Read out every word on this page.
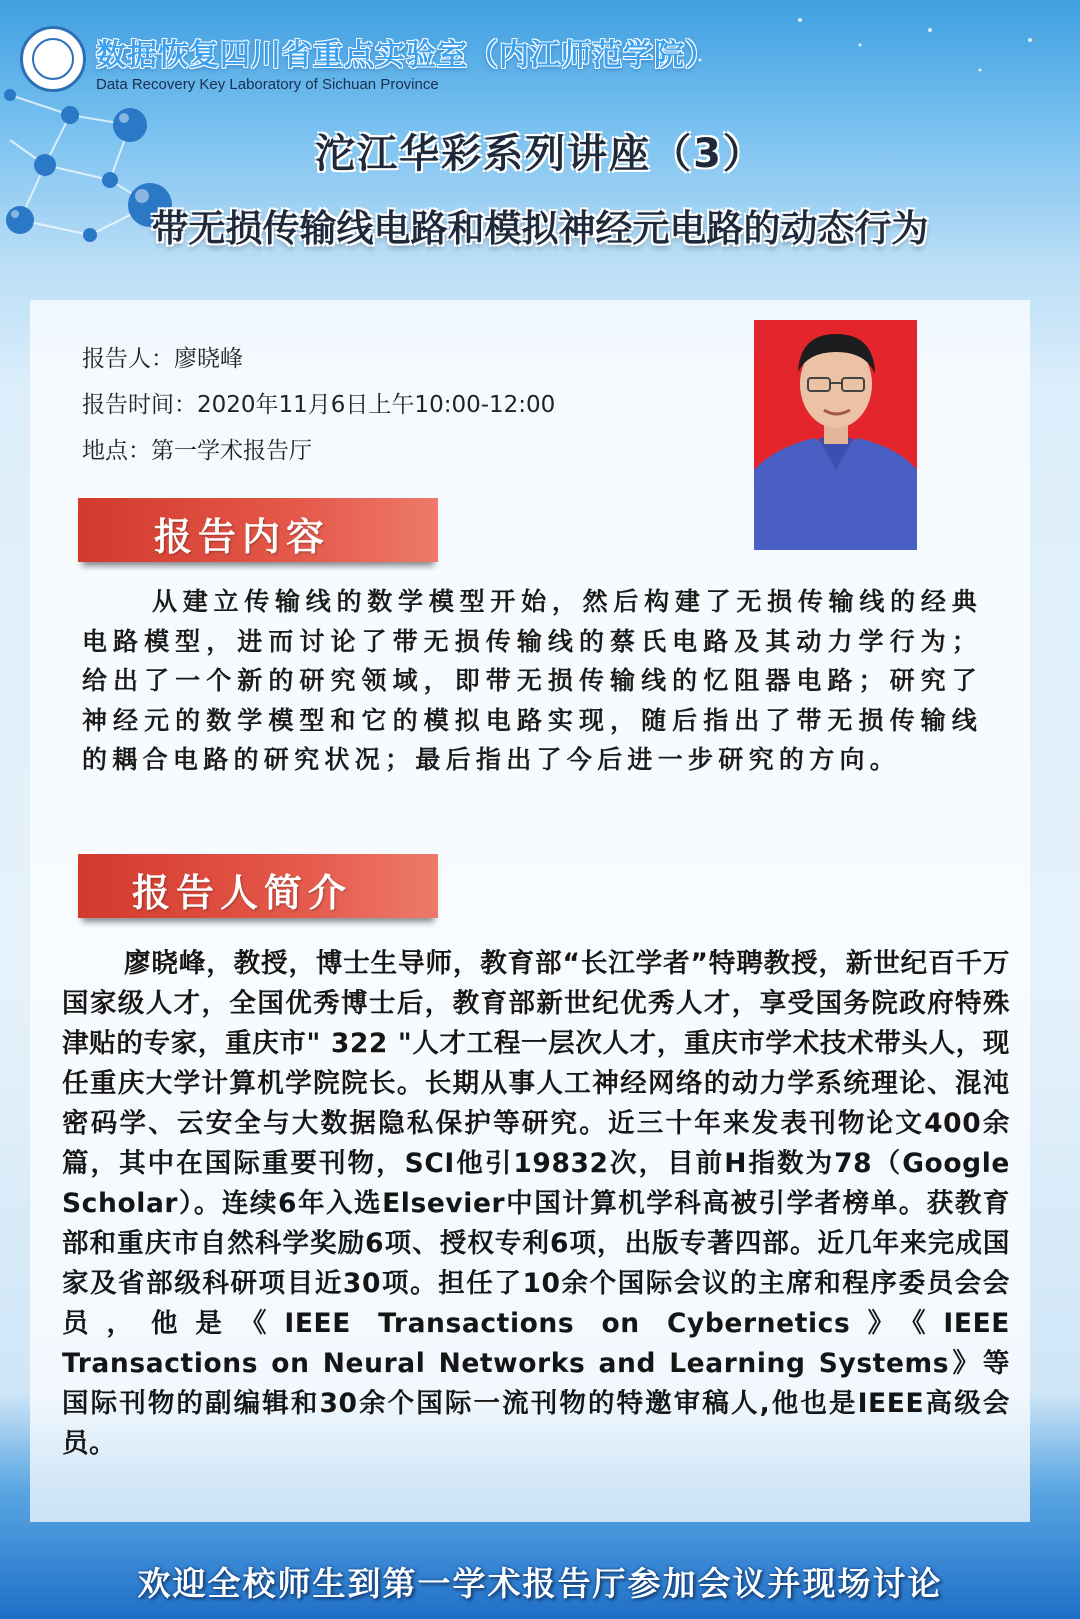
数据恢复四川省重点实验室（内江师范学院）
Data Recovery Key Laboratory of Sichuan Province
沱江华彩系列讲座（3）
带无损传输线电路和模拟神经元电路的动态行为
报告人：廖晓峰
报告时间：2020年11月6日上午10:00-12:00
地点：第一学术报告厅
报告内容
从建立传输线的数学模型开始，然后构建了无损传输线的经典电路模型，进而讨论了带无损传输线的蔡氏电路及其动力学行为；给出了一个新的研究领域，即带无损传输线的忆阻器电路；研究了神经元的数学模型和它的模拟电路实现，随后指出了带无损传输线的耦合电路的研究状况；最后指出了今后进一步研究的方向。
报告人简介
廖晓峰，教授，博士生导师，教育部“长江学者”特聘教授，新世纪百千万国家级人才，全国优秀博士后，教育部新世纪优秀人才，享受国务院政府特殊津贴的专家，重庆市" 322 "人才工程一层次人才，重庆市学术技术带头人，现任重庆大学计算机学院院长。长期从事人工神经网络的动力学系统理论、混沌密码学、云安全与大数据隐私保护等研究。近三十年来发表刊物论文400余篇，其中在国际重要刊物，SCI他引19832次，目前H指数为78（Google Scholar）。连续6年入选Elsevier中国计算机学科高被引学者榜单。获教育部和重庆市自然科学奖励6项、授权专利6项，出版专著四部。近几年来完成国家及省部级科研项目近30项。担任了10余个国际会议的主席和程序委员会会员，他是《IEEE Transactions on Cybernetics》《IEEE Transactions on Neural Networks and Learning Systems》等国际刊物的副编辑和30余个国际一流刊物的特邀审稿人,他也是IEEE高级会员。
欢迎全校师生到第一学术报告厅参加会议并现场讨论
